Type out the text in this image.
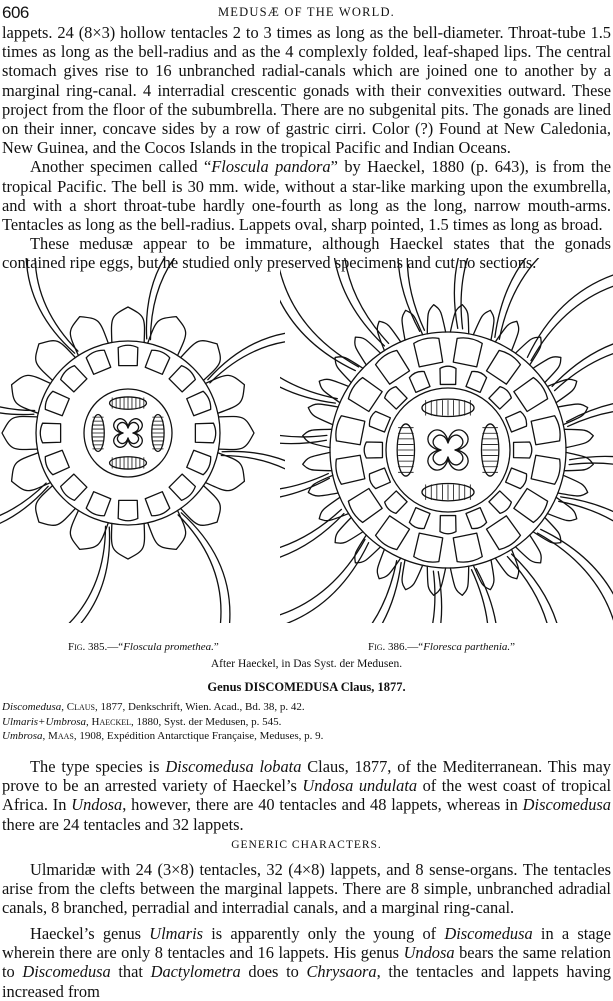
606	MEDUSÆ OF THE WORLD.

lappets. 24 (8×3) hollow tentacles 2 to 3 times as long as the bell-diameter. Throat-tube 1.5 times as long as the bell-radius and as the 4 complexly folded, leaf-shaped lips. The central stomach gives rise to 16 unbranched radial-canals which are joined one to another by a marginal ring-canal. 4 interradial crescentic gonads with their convexities outward. These project from the floor of the subumbrella. There are no subgenital pits. The gonads are lined on their inner, concave sides by a row of gastric cirri. Color (?) Found at New Caledonia, New Guinea, and the Cocos Islands in the tropical Pacific and Indian Oceans.

Another specimen called “Floscula pandora” by Haeckel, 1880 (p. 643), is from the tropical Pacific. The bell is 30 mm. wide, without a star-like marking upon the exumbrella, and with a short throat-tube hardly one-fourth as long as the long, narrow mouth-arms. Tentacles as long as the bell-radius. Lappets oval, sharp pointed, 1.5 times as long as broad.

These medusæ appear to be immature, although Haeckel states that the gonads contained ripe eggs, but he studied only preserved specimens and cut no sections.

Fig. 385.—“Floscula promethea.”	Fig. 386.—“Floresca parthenia.”
After Haeckel, in Das Syst. der Medusen.
Genus DISCOMEDUSA Claus, 1877.
Discomedusa, Claus, 1877, Denkschrift, Wien. Acad., Bd. 38, p. 42.
Ulmaris+Umbrosa, Haeckel, 1880, Syst. der Medusen, p. 545.
Umbrosa, Maas, 1908, Expédition Antarctique Française, Meduses, p. 9.

The type species is Discomedusa lobata Claus, 1877, of the Mediterranean. This may prove to be an arrested variety of Haeckel’s Undosa undulata of the west coast of tropical Africa. In Undosa, however, there are 40 tentacles and 48 lappets, whereas in Discomedusa there are 24 tentacles and 32 lappets.

GENERIC CHARACTERS.

Ulmaridæ with 24 (3×8) tentacles, 32 (4×8) lappets, and 8 sense-organs. The tentacles arise from the clefts between the marginal lappets. There are 8 simple, unbranched adradial canals, 8 branched, perradial and interradial canals, and a marginal ring-canal.

Haeckel’s genus Ulmaris is apparently only the young of Discomedusa in a stage wherein there are only 8 tentacles and 16 lappets. His genus Undosa bears the same relation to Discomedusa that Dactylometra does to Chrysaora, the tentacles and lappets having increased from
